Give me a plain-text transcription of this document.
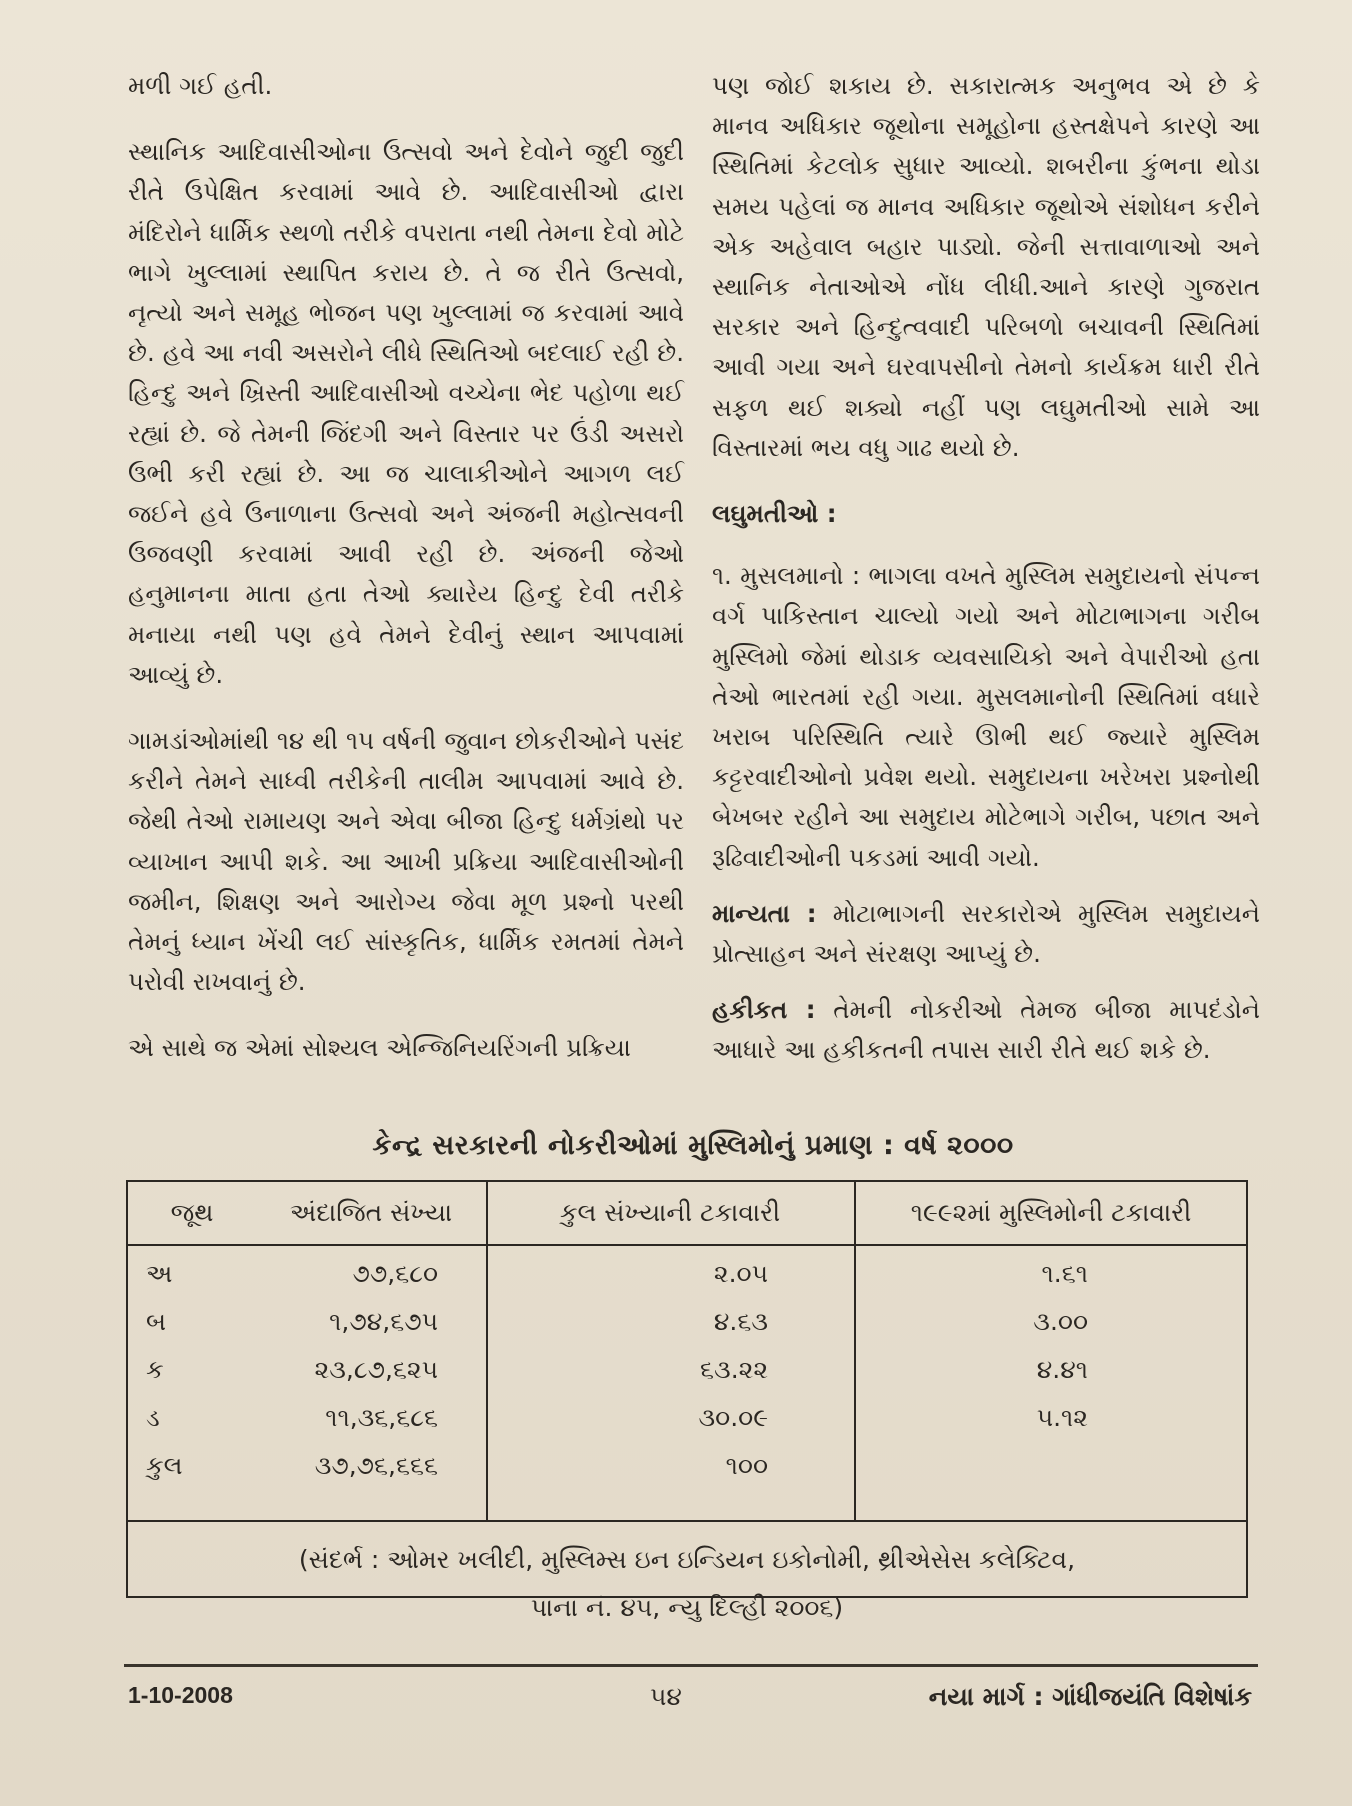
મળી ગઈ હતી.

સ્થાનિક આદિવાસીઓના ઉત્સવો અને દેવોને જુદી જુદી રીતે ઉપેક્ષિત કરવામાં આવે છે. આદિવાસીઓ દ્વારા મંદિરોને ધાર્મિક સ્થળો તરીકે વપરાતા નથી તેમના દેવો મોટે ભાગે ખુલ્લામાં સ્થાપિત કરાય છે. તે જ રીતે ઉત્સવો, નૃત્યો અને સમૂહ ભોજન પણ ખુલ્લામાં જ કરવામાં આવે છે. હવે આ નવી અસરોને લીધે સ્થિતિઓ બદલાઈ રહી છે. હિન્દુ અને ખ્રિસ્તી આદિવાસીઓ વચ્ચેના ભેદ પહોળા થઈ રહ્યાં છે. જે તેમની જિંદગી અને વિસ્તાર પર ઉંડી અસરો ઉભી કરી રહ્યાં છે. આ જ ચાલાકીઓને આગળ લઈ જઈને હવે ઉનાળાના ઉત્સવો અને અંજની મહોત્સવની ઉજવણી કરવામાં આવી રહી છે. અંજની જેઓ હનુમાનના માતા હતા તેઓ ક્યારેય હિન્દુ દેવી તરીકે મનાયા નથી પણ હવે તેમને દેવીનું સ્થાન આપવામાં આવ્યું છે.

ગામડાંઓમાંથી ૧૪ થી ૧૫ વર્ષની જુવાન છોકરીઓને પસંદ કરીને તેમને સાધ્વી તરીકેની તાલીમ આપવામાં આવે છે. જેથી તેઓ રામાયણ અને એવા બીજા હિન્દુ ધર્મગ્રંથો પર વ્યાખાન આપી શકે. આ આખી પ્રક્રિયા આદિવાસીઓની જમીન, શિક્ષણ અને આરોગ્ય જેવા મૂળ પ્રશ્નો પરથી તેમનું ધ્યાન ખેંચી લઈ સાંસ્કૃતિક, ધાર્મિક રમતમાં તેમને પરોવી રાખવાનું છે.

એ સાથે જ એમાં સોશ્યલ એન્જિનિયરિંગની પ્રક્રિયા

પણ જોઈ શકાય છે. સકારાત્મક અનુભવ એ છે કે માનવ અધિકાર જૂથોના સમૂહોના હસ્તક્ષેપને કારણે આ સ્થિતિમાં કેટલોક સુધાર આવ્યો. શબરીના કુંભના થોડા સમય પહેલાં જ માનવ અધિકાર જૂથોએ સંશોધન કરીને એક અહેવાલ બહાર પાડ્યો. જેની સત્તાવાળાઓ અને સ્થાનિક નેતાઓએ નોંધ લીધી.આને કારણે ગુજરાત સરકાર અને હિન્દુત્વવાદી પરિબળો બચાવની સ્થિતિમાં આવી ગયા અને ઘરવાપસીનો તેમનો કાર્યક્રમ ધારી રીતે સફળ થઈ શક્યો નહીં પણ લઘુમતીઓ સામે આ વિસ્તારમાં ભય વધુ ગાઢ થયો છે.

લઘુમતીઓ :

૧. મુસલમાનો : ભાગલા વખતે મુસ્લિમ સમુદાયનો સંપન્ન વર્ગ પાકિસ્તાન ચાલ્યો ગયો અને મોટાભાગના ગરીબ મુસ્લિમો જેમાં થોડાક વ્યવસાયિકો અને વેપારીઓ હતા તેઓ ભારતમાં રહી ગયા. મુસલમાનોની સ્થિતિમાં વધારે ખરાબ પરિસ્થિતિ ત્યારે ઊભી થઈ જ્યારે મુસ્લિમ કટ્ટરવાદીઓનો પ્રવેશ થયો. સમુદાયના ખરેખરા પ્રશ્નોથી બેખબર રહીને આ સમુદાય મોટેભાગે ગરીબ, પછાત અને રૂઢિવાદીઓની પકડમાં આવી ગયો.

માન્યતા : મોટાભાગની સરકારોએ મુસ્લિમ સમુદાયને પ્રોત્સાહન અને સંરક્ષણ આપ્યું છે.

હકીકત : તેમની નોકરીઓ તેમજ બીજા માપદંડોને આધારે આ હકીકતની તપાસ સારી રીતે થઈ શકે છે.

કેન્દ્ર સરકારની નોકરીઓમાં મુસ્લિમોનું પ્રમાણ : વર્ષ ૨૦૦૦
જૂથ	અંદાજિત સંખ્યા	કુલ સંખ્યાની ટકાવારી	૧૯૯૨માં મુસ્લિમોની ટકાવારી
અ	૭૭,૬૮૦	૨.૦૫	૧.૬૧
બ	૧,૭૪,૬૭૫	૪.૬૩	૩.૦૦
ક	૨૩,૮૭,૬૨૫	૬૩.૨૨	૪.૪૧
ડ	૧૧,૩૬,૬૮૬	૩૦.૦૯	૫.૧૨
કુલ	૩૭,૭૬,૬૬૬	૧૦૦
(સંદર્ભ : ઓમર ખલીદી, મુસ્લિમ્સ ઇન ઇન્ડિયન ઇકોનોમી, થ્રીએસેસ કલેક્ટિવ,
પાના નં. ૪૫, ન્યુ દિલ્હી ૨૦૦૬)
1-10-2008	૫૪	નયા માર્ગ : ગાંધીજયંતિ વિશેષાંક
